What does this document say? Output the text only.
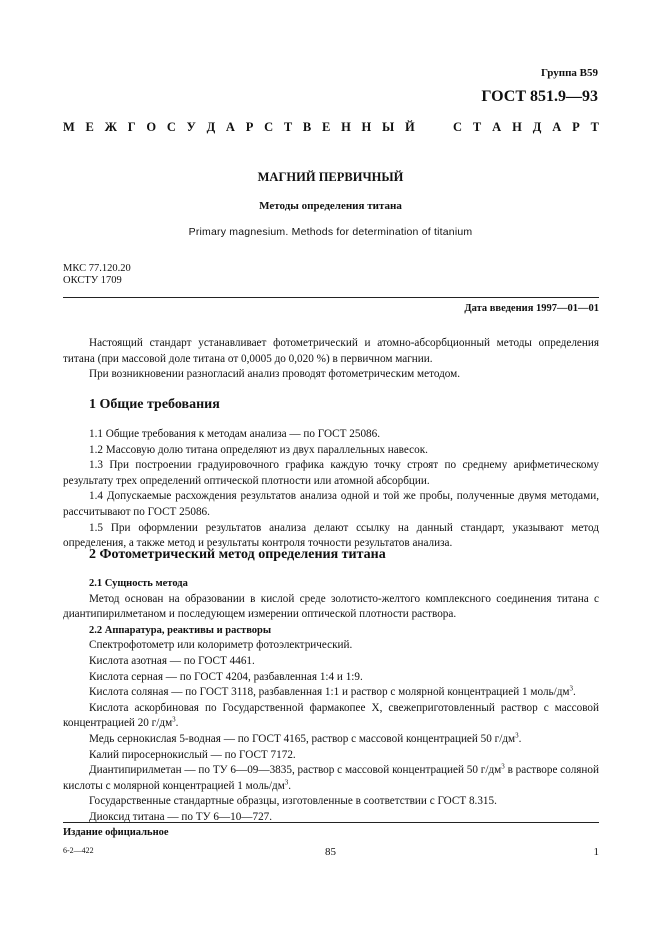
Группа В59
ГОСТ 851.9—93
М Е Ж Г О С У Д А Р С Т В Е Н Н Ы Й	С Т А Н Д А Р Т
МАГНИЙ ПЕРВИЧНЫЙ
Методы определения титана
Primary magnesium. Methods for determination of titanium
МКС 77.120.20
ОКСТУ 1709
Дата введения 1997—01—01

Настоящий стандарт устанавливает фотометрический и атомно-абсорбционный методы определения титана (при массовой доле титана от 0,0005 до 0,020 %) в первичном магнии.

При возникновении разногласий анализ проводят фотометрическим методом.

1 Общие требования

1.1 Общие требования к методам анализа — по ГОСТ 25086.

1.2 Массовую долю титана определяют из двух параллельных навесок.

1.3 При построении градуировочного графика каждую точку строят по среднему арифметическому результату трех определений оптической плотности или атомной абсорбции.

1.4 Допускаемые расхождения результатов анализа одной и той же пробы, полученные двумя методами, рассчитывают по ГОСТ 25086.

1.5 При оформлении результатов анализа делают ссылку на данный стандарт, указывают метод определения, а также метод и результаты контроля точности результатов анализа.

2 Фотометрический метод определения титана

2.1 Сущность метода

Метод основан на образовании в кислой среде золотисто-желтого комплексного соединения титана с диантипирилметаном и последующем измерении оптической плотности раствора.

2.2 Аппаратура, реактивы и растворы

Спектрофотометр или колориметр фотоэлектрический.

Кислота азотная — по ГОСТ 4461.

Кислота серная — по ГОСТ 4204, разбавленная 1:4 и 1:9.

Кислота соляная — по ГОСТ 3118, разбавленная 1:1 и раствор с молярной концентрацией 1 моль/$дм^3$.

Кислота аскорбиновая по Государственной фармакопее X, свежеприготовленный раствор с массовой концентрацией 20 $г/дм^3$.

Медь сернокислая 5-водная — по ГОСТ 4165, раствор с массовой концентрацией 50 $г/дм^3$.

Калий пиросернокислый — по ГОСТ 7172.

Диантипирилметан — по ТУ 6—09—3835, раствор с массовой концентрацией 50 $г/дм^3$ в растворе соляной кислоты с молярной концентрацией 1 моль/$дм^3$.

Государственные стандартные образцы, изготовленные в соответствии с ГОСТ 8.315.

Диоксид титана — по ТУ 6—10—727.

Издание официальное
6-2—422	85	1
